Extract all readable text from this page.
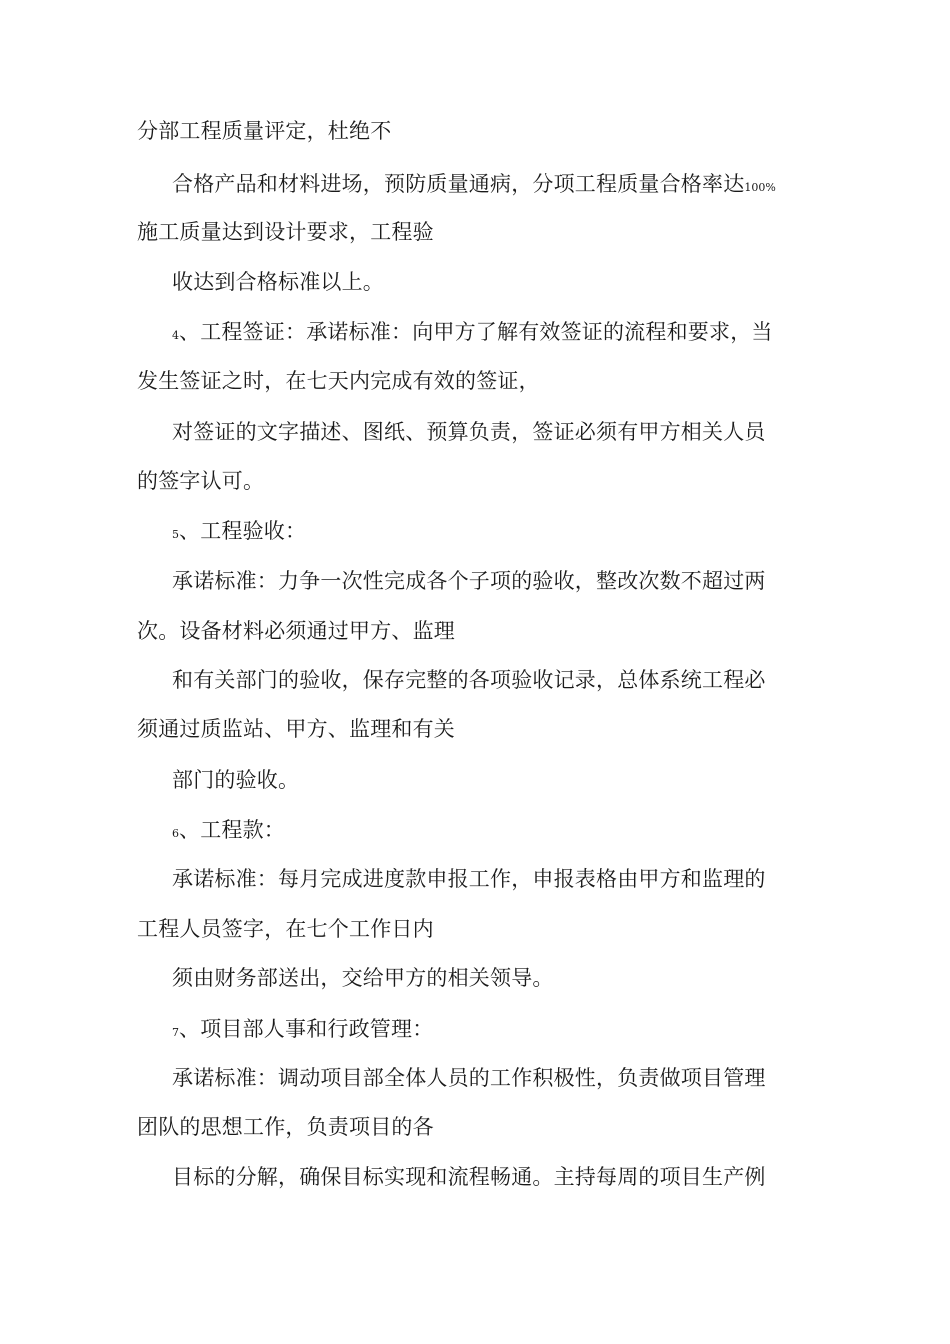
分部工程质量评定，杜绝不
合格产品和材料进场，预防质量通病，分项工程质量合格率达100%
施工质量达到设计要求，工程验
收达到合格标准以上。
4、工程签证：承诺标准：向甲方了解有效签证的流程和要求，当
发生签证之时，在七天内完成有效的签证，
对签证的文字描述、图纸、预算负责，签证必须有甲方相关人员
的签字认可。
5、工程验收：
承诺标准：力争一次性完成各个子项的验收，整改次数不超过两
次。设备材料必须通过甲方、监理
和有关部门的验收，保存完整的各项验收记录，总体系统工程必
须通过质监站、甲方、监理和有关
部门的验收。
6、工程款：
承诺标准：每月完成进度款申报工作，申报表格由甲方和监理的
工程人员签字，在七个工作日内
须由财务部送出，交给甲方的相关领导。
7、项目部人事和行政管理：
承诺标准：调动项目部全体人员的工作积极性，负责做项目管理
团队的思想工作，负责项目的各
目标的分解，确保目标实现和流程畅通。主持每周的项目生产例
